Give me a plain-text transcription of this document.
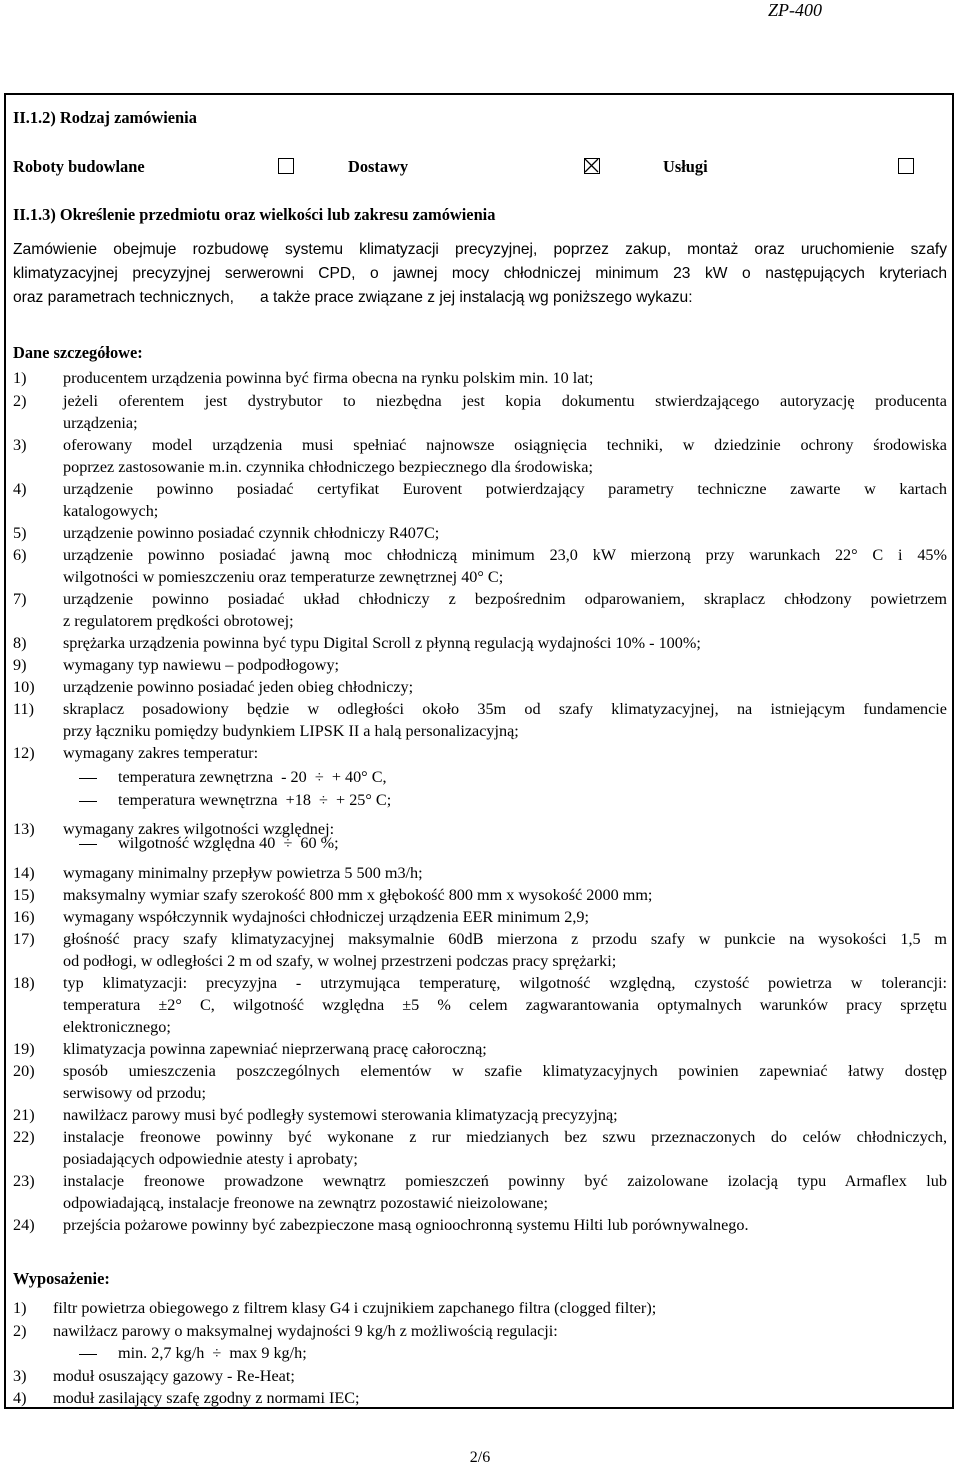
ZP-400
II.1.2) Rodzaj zamówienia
Roboty budowlane	Dostawy	Usługi
II.1.3) Określenie przedmiotu oraz wielkości lub zakresu zamówienia
Zamówienie obejmuje rozbudowę systemu klimatyzacji precyzyjnej, poprzez zakup, montaż oraz uruchomienie szafy
klimatyzacyjnej precyzyjnej serwerowni CPD, o jawnej mocy chłodniczej minimum 23 kW o następujących kryteriach
oraz parametrach technicznych,      a także prace związane z jej instalacją wg poniższego wykazu:
Dane szczegółowe:
1) producentem urządzenia powinna być firma obecna na rynku polskim min. 10 lat;
2) jeżeli oferentem jest dystrybutor to niezbędna jest kopia dokumentu stwierdzającego autoryzację producenta
urządzenia;
3) oferowany model urządzenia musi spełniać najnowsze osiągnięcia techniki, w dziedzinie ochrony środowiska
poprzez zastosowanie m.in. czynnika chłodniczego bezpiecznego dla środowiska;
4) urządzenie powinno posiadać certyfikat Eurovent potwierdzający parametry techniczne zawarte w kartach
katalogowych;
5) urządzenie powinno posiadać czynnik chłodniczy R407C;
6) urządzenie powinno posiadać jawną moc chłodniczą minimum 23,0 kW mierzoną przy warunkach 22° C i 45%
wilgotności w pomieszczeniu oraz temperaturze zewnętrznej 40° C;
7) urządzenie powinno posiadać układ chłodniczy z bezpośrednim odparowaniem, skraplacz chłodzony powietrzem
z regulatorem prędkości obrotowej;
8) sprężarka urządzenia powinna być typu Digital Scroll z płynną regulacją wydajności 10% - 100%;
9) wymagany typ nawiewu – podpodłogowy;
10) urządzenie powinno posiadać jeden obieg chłodniczy;
11) skraplacz posadowiony będzie w odległości około 35m od szafy klimatyzacyjnej, na istniejącym fundamencie
przy łączniku pomiędzy budynkiem LIPSK II a halą personalizacyjną;
12) wymagany zakres temperatur:
13) wymagany zakres wilgotności względnej:
14) wymagany minimalny przepływ powietrza 5 500 m3/h;
15) maksymalny wymiar szafy szerokość 800 mm x głębokość 800 mm x wysokość 2000 mm;
16) wymagany współczynnik wydajności chłodniczej urządzenia EER minimum 2,9;
17) głośność pracy szafy klimatyzacyjnej maksymalnie 60dB mierzona z przodu szafy w punkcie na wysokości 1,5 m
od podłogi, w odległości 2 m od szafy, w wolnej przestrzeni podczas pracy sprężarki;
18) typ klimatyzacji: precyzyjna - utrzymująca temperaturę, wilgotność względną, czystość powietrza w tolerancji:
temperatura ±2° C, wilgotność względna ±5 % celem zagwarantowania optymalnych warunków pracy sprzętu
elektronicznego;
19) klimatyzacja powinna zapewniać nieprzerwaną pracę całoroczną;
20) sposób umieszczenia poszczególnych elementów w szafie klimatyzacyjnych powinien zapewniać łatwy dostęp
serwisowy od przodu;
21) nawilżacz parowy musi być podległy systemowi sterowania klimatyzacją precyzyjną;
22) instalacje freonowe powinny być wykonane z rur miedzianych bez szwu przeznaczonych do celów chłodniczych,
posiadających odpowiednie atesty i aprobaty;
23) instalacje freonowe prowadzone wewnątrz pomieszczeń powinny być zaizolowane izolacją typu Armaflex lub
odpowiadającą, instalacje freonowe na zewnątrz pozostawić nieizolowane;
24) przejścia pożarowe powinny być zabezpieczone masą ognioochronną systemu Hilti lub porównywalnego.
temperatura zewnętrzna  - 20  ÷  + 40° C,
temperatura wewnętrzna  +18  ÷  + 25° C;
wilgotność względna 40  ÷  60 %;
Wyposażenie:
1) filtr powietrza obiegowego z filtrem klasy G4 i czujnikiem zapchanego filtra (clogged filter);
2) nawilżacz parowy o maksymalnej wydajności 9 kg/h z możliwością regulacji:
3) moduł osuszający gazowy - Re-Heat;
4) moduł zasilający szafę zgodny z normami IEC;
min. 2,7 kg/h  ÷  max 9 kg/h;
2/6
